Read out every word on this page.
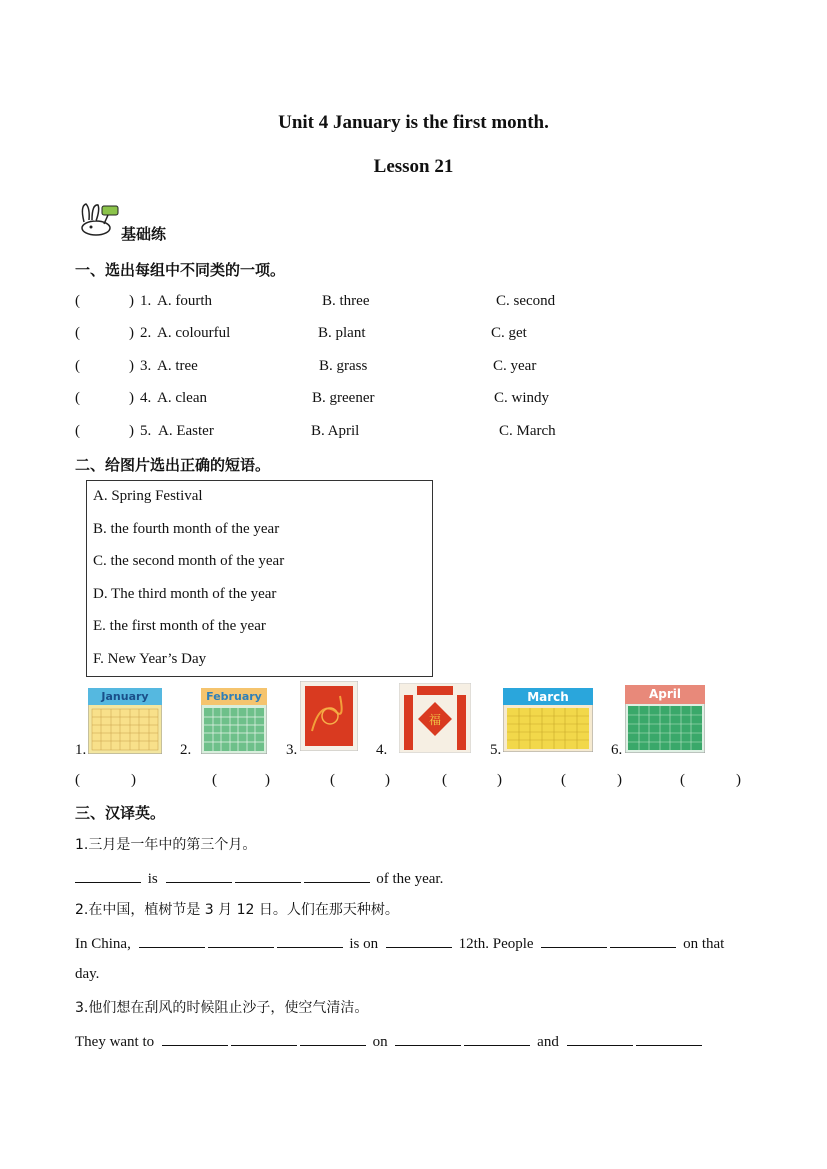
Unit 4 January is the first month.
Lesson 21
基础练
一、选出每组中不同类的一项。
(	) 1. A. fourth	B. three	C. second
(	) 2. A. colourful	B. plant	C. get
(	) 3. A. tree	B. grass	C. year
(	) 4. A. clean	B. greener	C. windy
(	) 5. A. Easter	B. April	C. March
二、给图片选出正确的短语。
A. Spring Festival
B. the fourth month of the year
C. the second month of the year
D. The third month of the year
E. the first month of the year
F. New Year’s Day
1.
January
2.
February
3.	4.
福
5.
March
6.
April
(	)	(	)	(	)	(	)	(	)	(	)
三、汉译英。
1.三月是一年中的第三个月。
is	of the year.
2.在中国，植树节是 3 月 12 日。人们在那天种树。
In China,	is on	12th. People	on that
day.
3.他们想在刮风的时候阻止沙子，使空气清洁。
They want to	on	and
